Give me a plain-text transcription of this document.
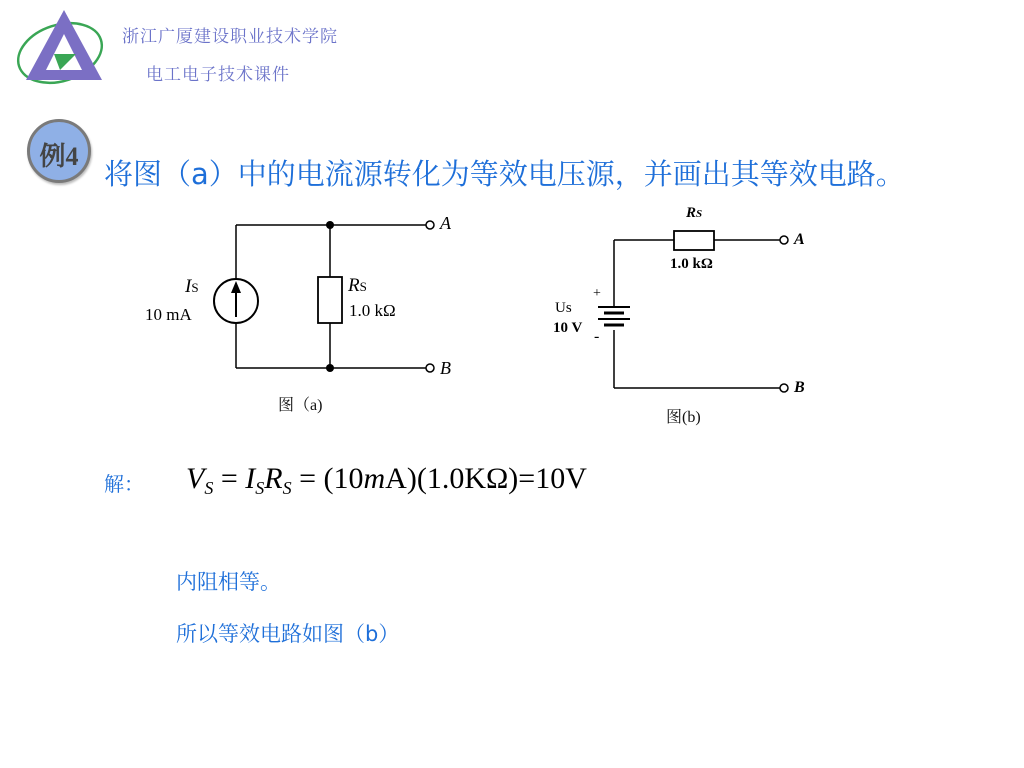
浙江广厦建设职业技术学院
电工电子技术课件
例4
将图（a）中的电流源转化为等效电压源，并画出其等效电路。
IS
10 mA
RS
1.0 kΩ
A
B
图（a)
RS
1.0 kΩ
Us
10 V
+
-
A
B
图(b)
解： $V_S = I_SR_S = (10mA)(1.0K\Omega)=10V$
内阻相等。
所以等效电路如图（b）
